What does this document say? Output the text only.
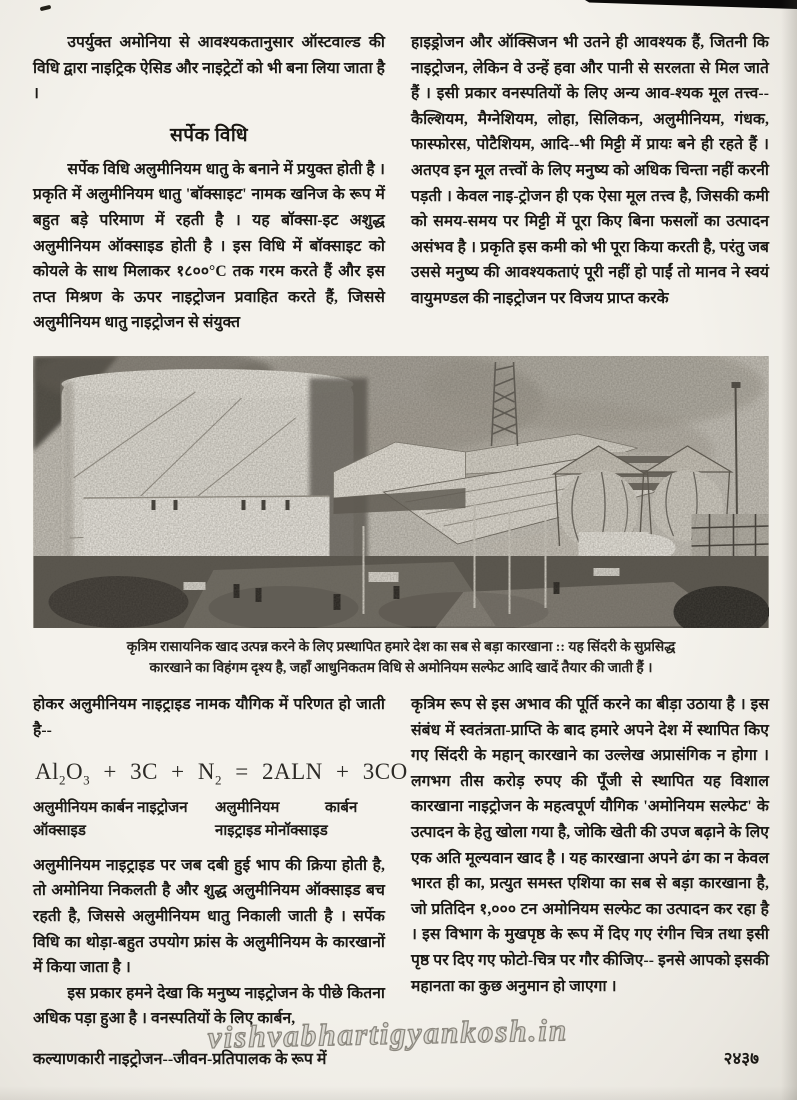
उपर्युक्त अमोनिया से आवश्यकतानुसार ऑस्टवाल्ड की विधि द्वारा नाइट्रिक ऐसिड और नाइट्रेटों को भी बना लिया जाता है ।

सर्पेक विधि

सर्पेक विधि अलुमीनियम धातु के बनाने में प्रयुक्त होती है । प्रकृति में अलुमीनियम धातु 'बॉक्साइट' नामक खनिज के रूप में बहुत बड़े परिमाण में रहती है । यह बॉक्सा-इट अशुद्ध अलुमीनियम ऑक्साइड होती है । इस विधि में बॉक्साइट को कोयले के साथ मिलाकर १८००°C तक गरम करते हैं और इस तप्त मिश्रण के ऊपर नाइट्रोजन प्रवाहित करते हैं, जिससे अलुमीनियम धातु नाइट्रोजन से संयुक्त

हाइड्रोजन और ऑक्सिजन भी उतने ही आवश्यक हैं, जितनी कि नाइट्रोजन, लेकिन वे उन्हें हवा और पानी से सरलता से मिल जाते हैं । इसी प्रकार वनस्पतियों के लिए अन्य आव-श्यक मूल तत्त्व--कैल्शियम, मैग्नेशियम, लोहा, सिलिकन, अलुमीनियम, गंधक, फास्फोरस, पोटैशियम, आदि--भी मिट्टी में प्रायः बने ही रहते हैं । अतएव इन मूल तत्त्वों के लिए मनुष्य को अधिक चिन्ता नहीं करनी पड़ती । केवल नाइ-ट्रोजन ही एक ऐसा मूल तत्त्व है, जिसकी कमी को समय-समय पर मिट्टी में पूरा किए बिना फसलों का उत्पादन असंभव है । प्रकृति इस कमी को भी पूरा किया करती है, परंतु जब उससे मनुष्य की आवश्यकताएं पूरी नहीं हो पाईं तो मानव ने स्वयं वायुमण्डल की नाइट्रोजन पर विजय प्राप्त करके

कृत्रिम रासायनिक खाद उत्पन्न करने के लिए प्रस्थापित हमारे देश का सब से बड़ा कारखाना :: यह सिंदरी के सुप्रसिद्ध
कारखाने का विहंगम दृश्य है, जहाँ आधुनिकतम विधि से अमोनियम सल्फेट आदि खादें तैयार की जाती हैं ।

होकर अलुमीनियम नाइट्राइड नामक यौगिक में परिणत हो जाती है--

$Al_2O_3 + 3C + N_2 = 2ALN + 3CO$
अलुमीनियम कार्बन नाइट्रोजन	अलुमीनियम	कार्बन
ऑक्साइड	नाइट्राइड मोनॉक्साइड

अलुमीनियम नाइट्राइड पर जब दबी हुई भाप की क्रिया होती है, तो अमोनिया निकलती है और शुद्ध अलुमीनियम ऑक्साइड बच रहती है, जिससे अलुमीनियम धातु निकाली जाती है । सर्पेक विधि का थोड़ा-बहुत उपयोग फ्रांस के अलुमीनियम के कारखानों में किया जाता है ।

इस प्रकार हमने देखा कि मनुष्य नाइट्रोजन के पीछे कितना अधिक पड़ा हुआ है । वनस्पतियों के लिए कार्बन,

कृत्रिम रूप से इस अभाव की पूर्ति करने का बीड़ा उठाया है । इस संबंध में स्वतंत्रता-प्राप्ति के बाद हमारे अपने देश में स्थापित किए गए सिंदरी के महान् कारखाने का उल्लेख अप्रासंगिक न होगा । लगभग तीस करोड़ रुपए की पूँजी से स्थापित यह विशाल कारखाना नाइट्रोजन के महत्वपूर्ण यौगिक 'अमोनियम सल्फेट' के उत्पादन के हेतु खोला गया है, जोकि खेती की उपज बढ़ाने के लिए एक अति मूल्यवान खाद है । यह कारखाना अपने ढंग का न केवल भारत ही का, प्रत्युत समस्त एशिया का सब से बड़ा कारखाना है, जो प्रतिदिन १,००० टन अमोनियम सल्फेट का उत्पादन कर रहा है । इस विभाग के मुखपृष्ठ के रूप में दिए गए रंगीन चित्र तथा इसी पृष्ठ पर दिए गए फोटो-चित्र पर गौर कीजिए-- इनसे आपको इसकी महानता का कुछ अनुमान हो जाएगा ।

vishvabhartigyankosh.in
कल्याणकारी नाइट्रोजन--जीवन-प्रतिपालक के रूप में	२४३७
